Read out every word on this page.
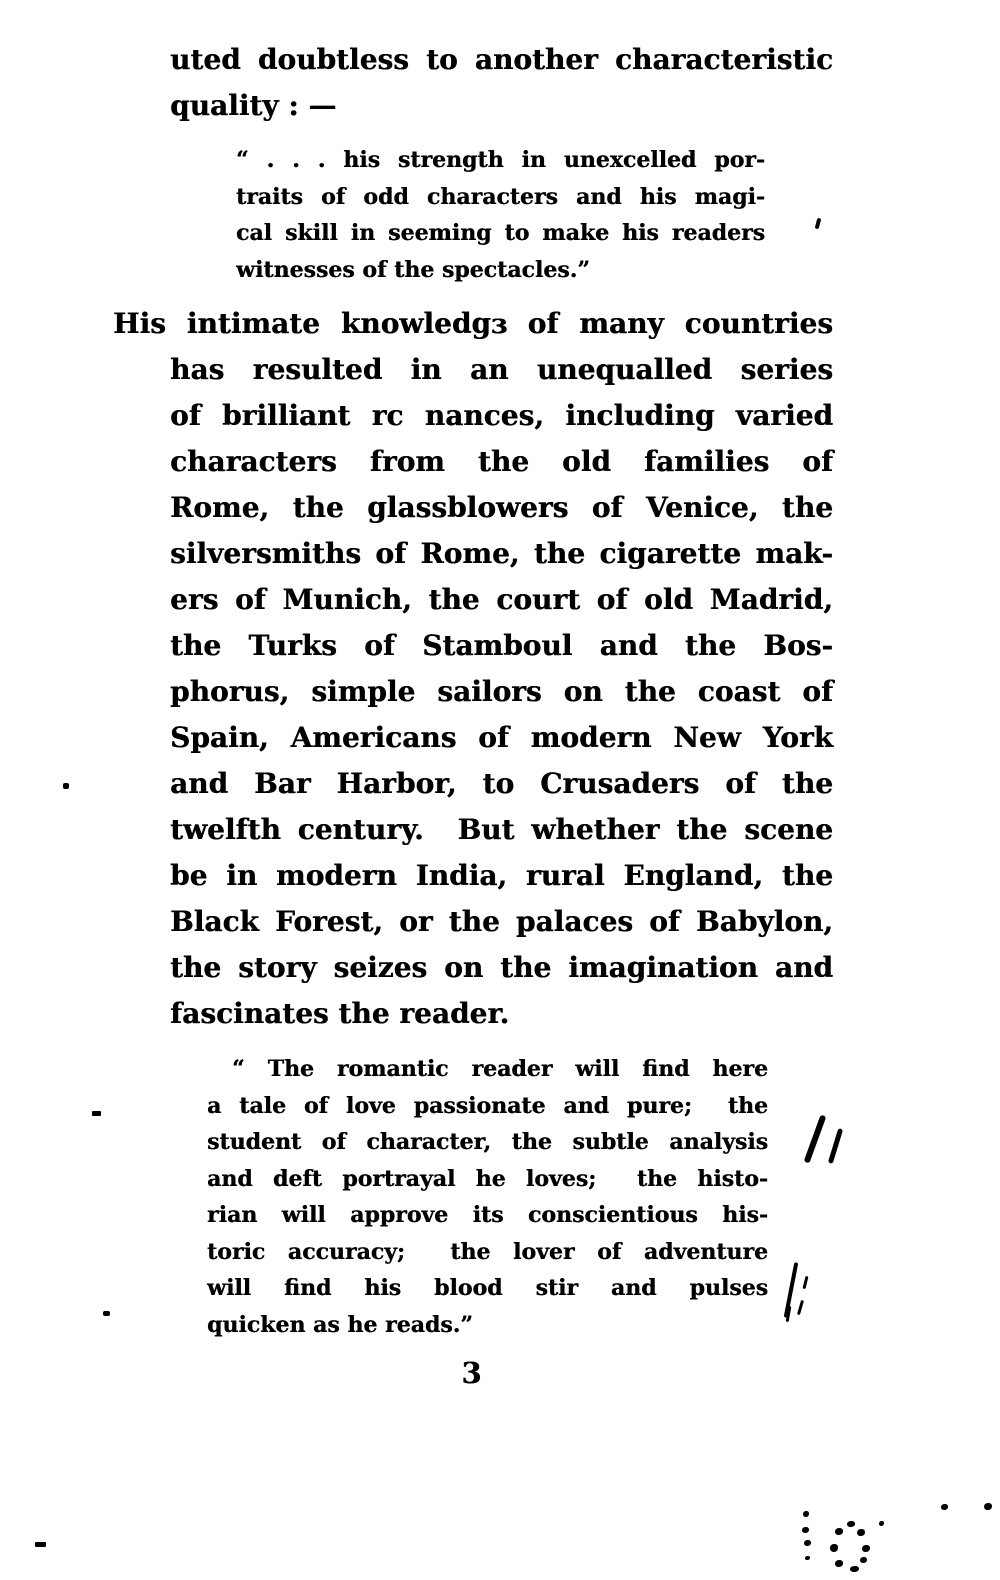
uted doubtless to another characteristic
quality : —
“ . . . his strength in unexcelled por-
traits of odd characters and his magi-
cal skill in seeming to make his readers
witnesses of the spectacles.”
His intimate knowledgɜ of many countries
has resulted in an unequalled series
of brilliant rc nances, including varied
characters from the old families of
Rome, the glassblowers of Venice, the
silversmiths of Rome, the cigarette mak-
ers of Munich, the court of old Madrid,
the Turks of Stamboul and the Bos-
phorus, simple sailors on the coast of
Spain, Americans of modern New York
and Bar Harbor, to Crusaders of the
twelfth century.  But whether the scene
be in modern India, rural England, the
Black Forest, or the palaces of Babylon,
the story seizes on the imagination and
fascinates the reader.
“ The romantic reader will find here
a tale of love passionate and pure;  the
student of character, the subtle analysis
and deft portrayal he loves;  the histo-
rian will approve its conscientious his-
toric accuracy;  the lover of adventure
will find his blood stir and pulses
quicken as he reads.”
3
